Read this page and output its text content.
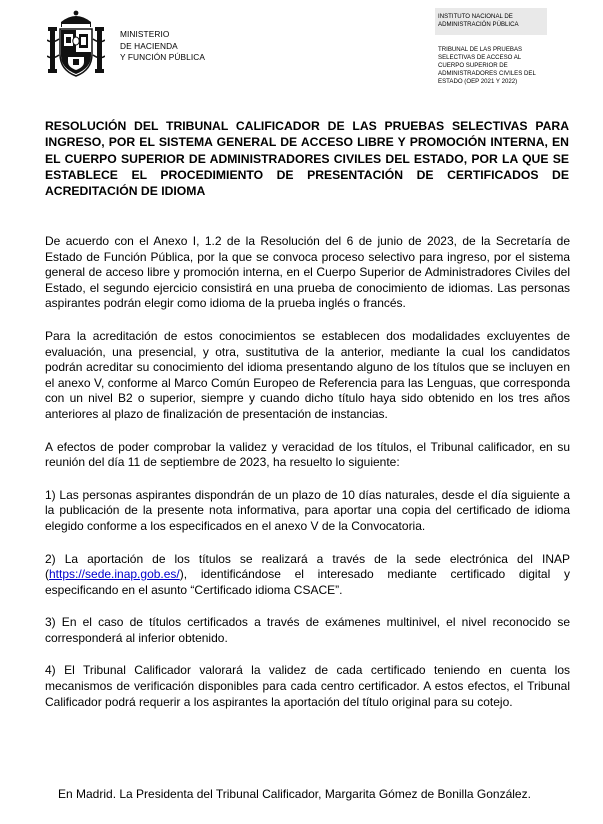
MINISTERIO
DE HACIENDA
Y FUNCIÓN PÚBLICA
INSTITUTO NACIONAL DE
ADMINISTRACIÓN PÚBLICA
TRIBUNAL DE LAS PRUEBAS
SELECTIVAS DE ACCESO AL
CUERPO SUPERIOR DE
ADMINISTRADORES CIVILES DEL
ESTADO (OEP 2021 Y 2022)
RESOLUCIÓN DEL TRIBUNAL CALIFICADOR DE LAS PRUEBAS SELECTIVAS PARA INGRESO, POR EL SISTEMA GENERAL DE ACCESO LIBRE Y PROMOCIÓN INTERNA, EN EL CUERPO SUPERIOR DE ADMINISTRADORES CIVILES DEL ESTADO, POR LA QUE SE ESTABLECE EL PROCEDIMIENTO DE PRESENTACIÓN DE CERTIFICADOS DE ACREDITACIÓN DE IDIOMA

De acuerdo con el Anexo I, 1.2 de la Resolución del 6 de junio de 2023, de la Secretaría de Estado de Función Pública, por la que se convoca proceso selectivo para ingreso, por el sistema general de acceso libre y promoción interna, en el Cuerpo Superior de Administradores Civiles del Estado, el segundo ejercicio consistirá en una prueba de conocimiento de idiomas. Las personas aspirantes podrán elegir como idioma de la prueba inglés o francés.

Para la acreditación de estos conocimientos se establecen dos modalidades excluyentes de evaluación, una presencial, y otra, sustitutiva de la anterior, mediante la cual los candidatos podrán acreditar su conocimiento del idioma presentando alguno de los títulos que se incluyen en el anexo V, conforme al Marco Común Europeo de Referencia para las Lenguas, que corresponda con un nivel B2 o superior, siempre y cuando dicho título haya sido obtenido en los tres años anteriores al plazo de finalización de presentación de instancias.

A efectos de poder comprobar la validez y veracidad de los títulos, el Tribunal calificador, en su reunión del día 11 de septiembre de 2023, ha resuelto lo siguiente:

1) Las personas aspirantes dispondrán de un plazo de 10 días naturales, desde el día siguiente a la publicación de la presente nota informativa, para aportar una copia del certificado de idioma elegido conforme a los especificados en el anexo V de la Convocatoria.

2) La aportación de los títulos se realizará a través de la sede electrónica del INAP (https://sede.inap.gob.es/), identificándose el interesado mediante certificado digital y especificando en el asunto “Certificado idioma CSACE”.

3) En el caso de títulos certificados a través de exámenes multinivel, el nivel reconocido se corresponderá al inferior obtenido.

4) El Tribunal Calificador valorará la validez de cada certificado teniendo en cuenta los mecanismos de verificación disponibles para cada centro certificador. A estos efectos, el Tribunal Calificador podrá requerir a los aspirantes la aportación del título original para su cotejo.

En Madrid. La Presidenta del Tribunal Calificador, Margarita Gómez de Bonilla González.
